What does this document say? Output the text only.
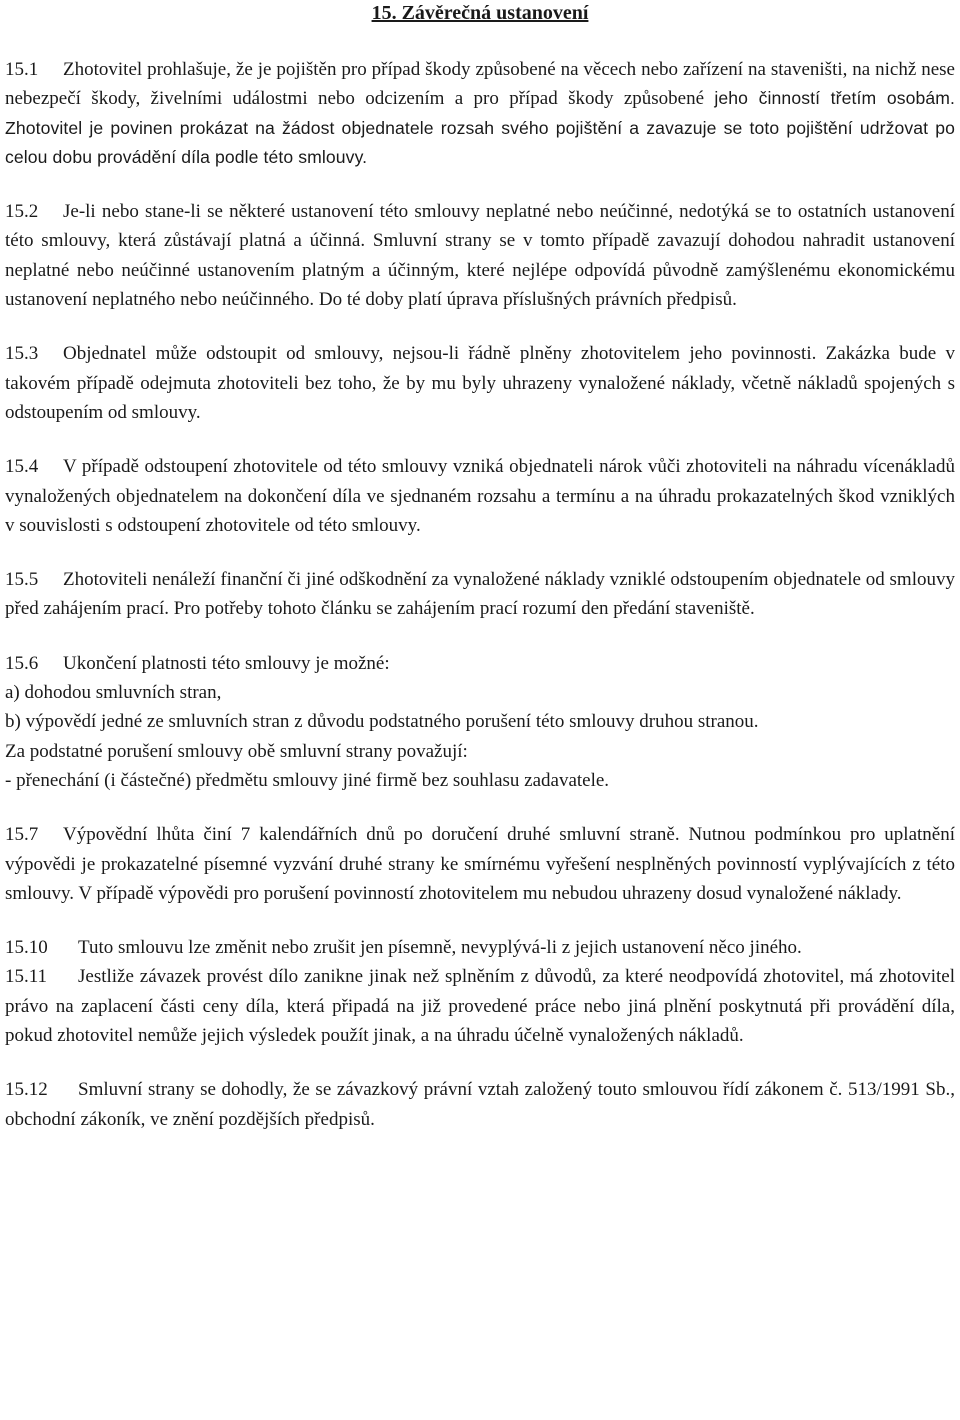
15. Závěrečná ustanovení

15.1 Zhotovitel prohlašuje, že je pojištěn pro případ škody způsobené na věcech nebo zařízení na staveništi, na nichž nese nebezpečí škody, živelními událostmi nebo odcizením a pro případ škody způsobené jeho činností třetím osobám. Zhotovitel je povinen prokázat na žádost objednatele rozsah svého pojištění a zavazuje se toto pojištění udržovat po celou dobu provádění díla podle této smlouvy.

15.2 Je-li nebo stane-li se některé ustanovení této smlouvy neplatné nebo neúčinné, nedotýká se to ostatních ustanovení této smlouvy, která zůstávají platná a účinná. Smluvní strany se v tomto případě zavazují dohodou nahradit ustanovení neplatné nebo neúčinné ustanovením platným a účinným, které nejlépe odpovídá původně zamýšlenému ekonomickému ustanovení neplatného nebo neúčinného. Do té doby platí úprava příslušných právních předpisů.

15.3 Objednatel může odstoupit od smlouvy, nejsou-li řádně plněny zhotovitelem jeho povinnosti. Zakázka bude v takovém případě odejmuta zhotoviteli bez toho, že by mu byly uhrazeny vynaložené náklady, včetně nákladů spojených s odstoupením od smlouvy.

15.4 V případě odstoupení zhotovitele od této smlouvy vzniká objednateli nárok vůči zhotoviteli na náhradu vícenákladů vynaložených objednatelem na dokončení díla ve sjednaném rozsahu a termínu a na úhradu prokazatelných škod vzniklých v souvislosti s odstoupení zhotovitele od této smlouvy.

15.5 Zhotoviteli nenáleží finanční či jiné odškodnění za vynaložené náklady vzniklé odstoupením objednatele od smlouvy před zahájením prací. Pro potřeby tohoto článku se zahájením prací rozumí den předání staveniště.

15.6 Ukončení platnosti této smlouvy je možné:
a) dohodou smluvních stran,

b) výpovědí jedné ze smluvních stran z důvodu podstatného porušení této smlouvy druhou stranou.

Za podstatné porušení smlouvy obě smluvní strany považují:
- přenechání (i částečné) předmětu smlouvy jiné firmě bez souhlasu zadavatele.

15.7 Výpovědní lhůta činí 7 kalendářních dnů po doručení druhé smluvní straně. Nutnou podmínkou pro uplatnění výpovědi je prokazatelné písemné vyzvání druhé strany ke smírnému vyřešení nesplněných povinností vyplývajících z této smlouvy. V případě výpovědi pro porušení povinností zhotovitelem mu nebudou uhrazeny dosud vynaložené náklady.

15.10 Tuto smlouvu lze změnit nebo zrušit jen písemně, nevyplývá-li z jejich ustanovení něco jiného.

15.11 Jestliže závazek provést dílo zanikne jinak než splněním z důvodů, za které neodpovídá zhotovitel, má zhotovitel právo na zaplacení části ceny díla, která připadá na již provedené práce nebo jiná plnění poskytnutá při provádění díla, pokud zhotovitel nemůže jejich výsledek použít jinak, a na úhradu účelně vynaložených nákladů.

15.12 Smluvní strany se dohodly, že se závazkový právní vztah založený touto smlouvou řídí zákonem č. 513/1991 Sb., obchodní zákoník, ve znění pozdějších předpisů.
